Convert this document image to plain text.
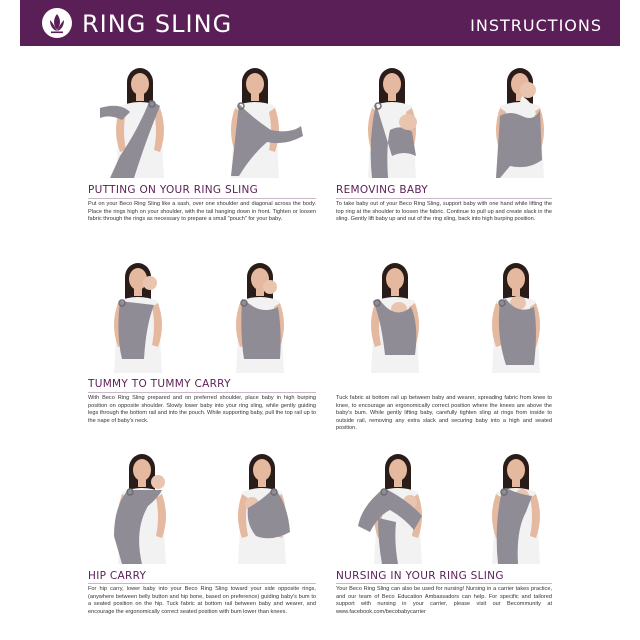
RING SLING	INSTRUCTIONS
PUTTING ON YOUR RING SLING

Put on your Beco Ring Sling like a sash, over one shoulder and diagonal across the body. Place the rings high on your shoulder, with the tail hanging down in front. Tighten or loosen fabric through the rings as necessary to prepare a small "pouch" for your baby.

REMOVING BABY

To take baby out of your Beco Ring Sling, support baby with one hand while lifting the top ring at the shoulder to loosen the fabric. Continue to pull up and create slack in the sling. Gently lift baby up and out of the ring sling, back into high burping position.

TUMMY TO TUMMY CARRY

With Beco Ring Sling prepared and on preferred shoulder, place baby in high burping position on opposite shoulder. Slowly lower baby into your ring sling, while gently guiding legs through the bottom rail and into the pouch. While supporting baby, pull the top rail up to the nape of baby's neck.

Tuck fabric at bottom rail up between baby and wearer, spreading fabric from knee to knee, to encourage an ergonomically correct position where the knees are above the baby's bum. While gently lifting baby, carefully tighten sling at rings from inside to outside rail, removing any extra slack and securing baby into a high and seated position.

HIP CARRY

For hip carry, lower baby into your Beco Ring Sling toward your side opposite rings, (anywhere between belly button and hip bone, based on preference) guiding baby's bum to a seated position on the hip. Tuck fabric at bottom rail between baby and wearer, and encourage the ergonomically correct seated position with bum lower than knees.

NURSING IN YOUR RING SLING

Your Beco Ring Sling can also be used for nursing! Nursing in a carrier takes practice, and our team of Beco Education Ambassadors can help. For specific and tailored support with nursing in your carrier, please visit our Becommunity at www.facebook.com/becobabycarrier
